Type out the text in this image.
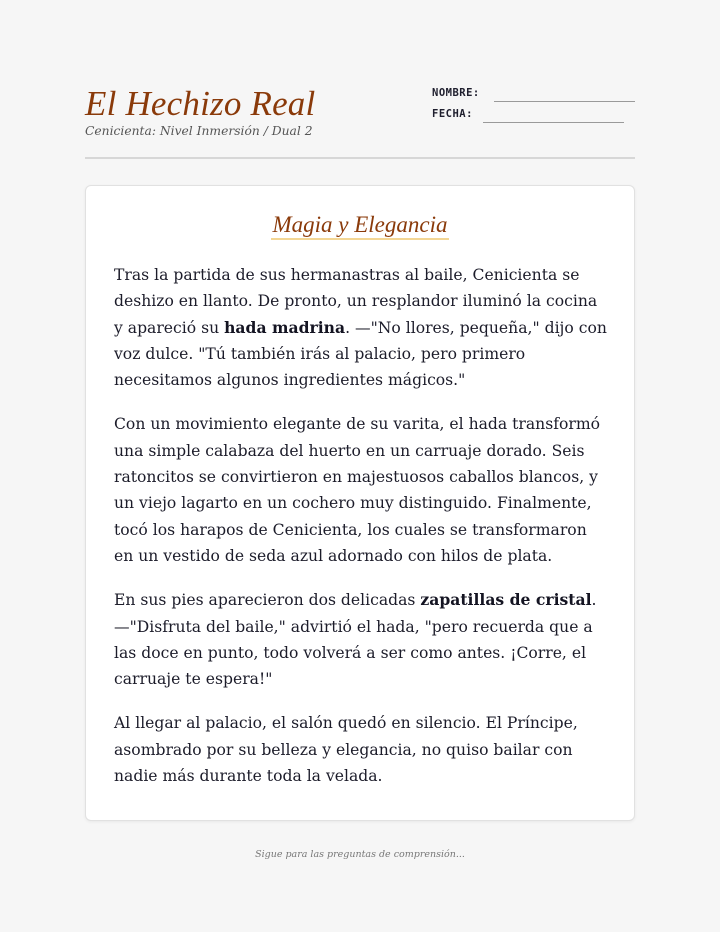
El Hechizo Real
Cenicienta: Nivel Inmersión / Dual 2
NOMBRE:
FECHA:
Magia y Elegancia

Tras la partida de sus hermanastras al baile, Cenicienta se deshizo en llanto. De pronto, un resplandor iluminó la cocina y apareció su hada madrina. —"No llores, pequeña," dijo con voz dulce. "Tú también irás al palacio, pero primero necesitamos algunos ingredientes mágicos."

Con un movimiento elegante de su varita, el hada transformó una simple calabaza del huerto en un carruaje dorado. Seis ratoncitos se convirtieron en majestuosos caballos blancos, y un viejo lagarto en un cochero muy distinguido. Finalmente, tocó los harapos de Cenicienta, los cuales se transformaron en un vestido de seda azul adornado con hilos de plata.

En sus pies aparecieron dos delicadas zapatillas de cristal. —"Disfruta del baile," advirtió el hada, "pero recuerda que a las doce en punto, todo volverá a ser como antes. ¡Corre, el carruaje te espera!"

Al llegar al palacio, el salón quedó en silencio. El Príncipe, asombrado por su belleza y elegancia, no quiso bailar con nadie más durante toda la velada.

Sigue para las preguntas de comprensión...
